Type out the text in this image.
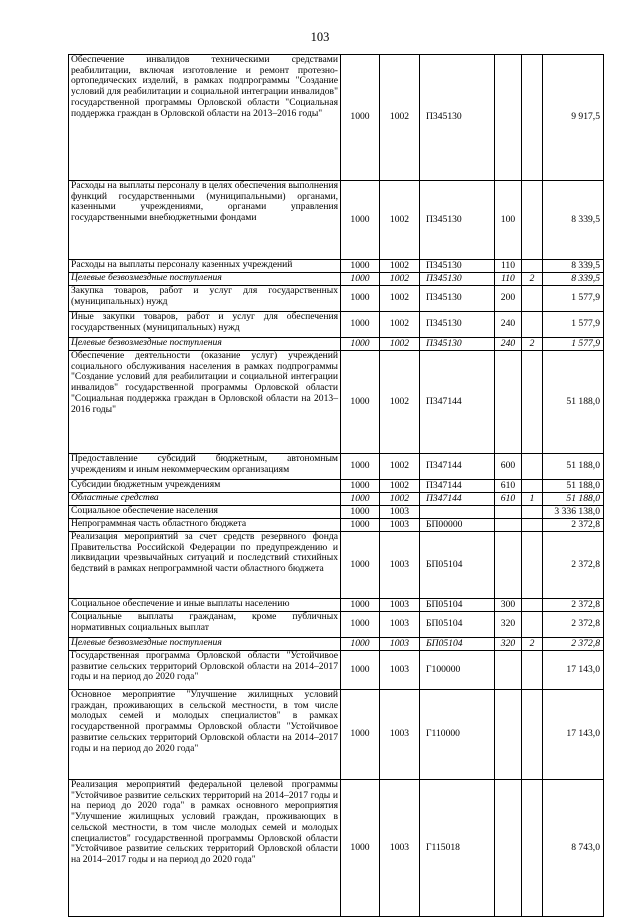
103
Обеспечение инвалидов техническими средствами реабилитации, включая изготовление и ремонт протезно-ортопедических изделий, в рамках подпрограммы "Создание условий для реабилитации и социальной интеграции инвалидов" государственной программы Орловской области "Социальная поддержка граждан в Орловской области на 2013–2016 годы"	1000	1002	П345130			9 917,5
Расходы на выплаты персоналу в целях обеспечения выполнения функций государственными (муниципальными) органами, казенными учреждениями, органами управления государственными внебюджетными фондами	1000	1002	П345130	100		8 339,5
Расходы на выплаты персоналу казенных учреждений	1000	1002	П345130	110		8 339,5
Целевые безвозмездные поступления	1000	1002	П345130	110	2	8 339,5
Закупка товаров, работ и услуг для государственных (муниципальных) нужд	1000	1002	П345130	200		1 577,9
Иные закупки товаров, работ и услуг для обеспечения государственных (муниципальных) нужд	1000	1002	П345130	240		1 577,9
Целевые безвозмездные поступления	1000	1002	П345130	240	2	1 577,9
Обеспечение деятельности (оказание услуг) учреждений социального обслуживания населения в рамках подпрограммы "Создание условий для реабилитации и социальной интеграции инвалидов" государственной программы Орловской области "Социальная поддержка граждан в Орловской области на 2013–2016 годы"	1000	1002	П347144			51 188,0
Предоставление субсидий бюджетным, автономным учреждениям и иным некоммерческим организациям	1000	1002	П347144	600		51 188,0
Субсидии бюджетным учреждениям	1000	1002	П347144	610		51 188,0
Областные средства	1000	1002	П347144	610	1	51 188,0
Социальное обеспечение населения	1000	1003				3 336 138,0
Непрограммная часть областного бюджета	1000	1003	БП00000			2 372,8
Реализация мероприятий за счет средств резервного фонда Правительства Российской Федерации по предупреждению и ликвидации чрезвычайных ситуаций и последствий стихийных бедствий в рамках непрограммной части областного бюджета	1000	1003	БП05104			2 372,8
Социальное обеспечение и иные выплаты населению	1000	1003	БП05104	300		2 372,8
Социальные выплаты гражданам, кроме публичных нормативных социальных выплат	1000	1003	БП05104	320		2 372,8
Целевые безвозмездные поступления	1000	1003	БП05104	320	2	2 372,8
Государственная программа Орловской области "Устойчивое развитие сельских территорий Орловской области на 2014–2017 годы и на период до 2020 года"	1000	1003	Г100000			17 143,0
Основное мероприятие "Улучшение жилищных условий граждан, проживающих в сельской местности, в том числе молодых семей и молодых специалистов" в рамках государственной программы Орловской области "Устойчивое развитие сельских территорий Орловской области на 2014–2017 годы и на период до 2020 года"	1000	1003	Г110000			17 143,0
Реализация мероприятий федеральной целевой программы "Устойчивое развитие сельских территорий на 2014–2017 годы и на период до 2020 года" в рамках основного мероприятия "Улучшение жилищных условий граждан, проживающих в сельской местности, в том числе молодых семей и молодых специалистов" государственной программы Орловской области "Устойчивое развитие сельских территорий Орловской области на 2014–2017 годы и на период до 2020 года"	1000	1003	Г115018			8 743,0
